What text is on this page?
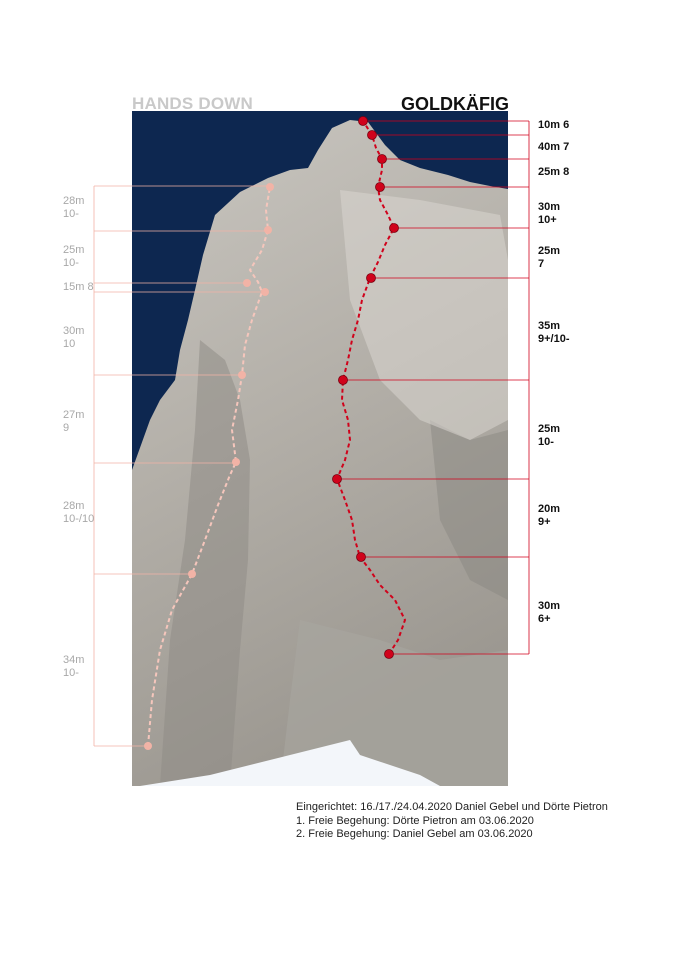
HANDS DOWN	GOLDKÄFIG
10m 6
40m 7
25m 8
30m
10+
25m
7
35m
9+/10-
25m
10-
20m
9+
30m
6+
28m
10-
25m
10-
15m 8
30m
10
27m
9
28m
10-/10
34m
10-
Eingerichtet: 16./17./24.04.2020 Daniel Gebel und Dörte Pietron
1. Freie Begehung: Dörte Pietron am 03.06.2020
2. Freie Begehung: Daniel Gebel am 03.06.2020
